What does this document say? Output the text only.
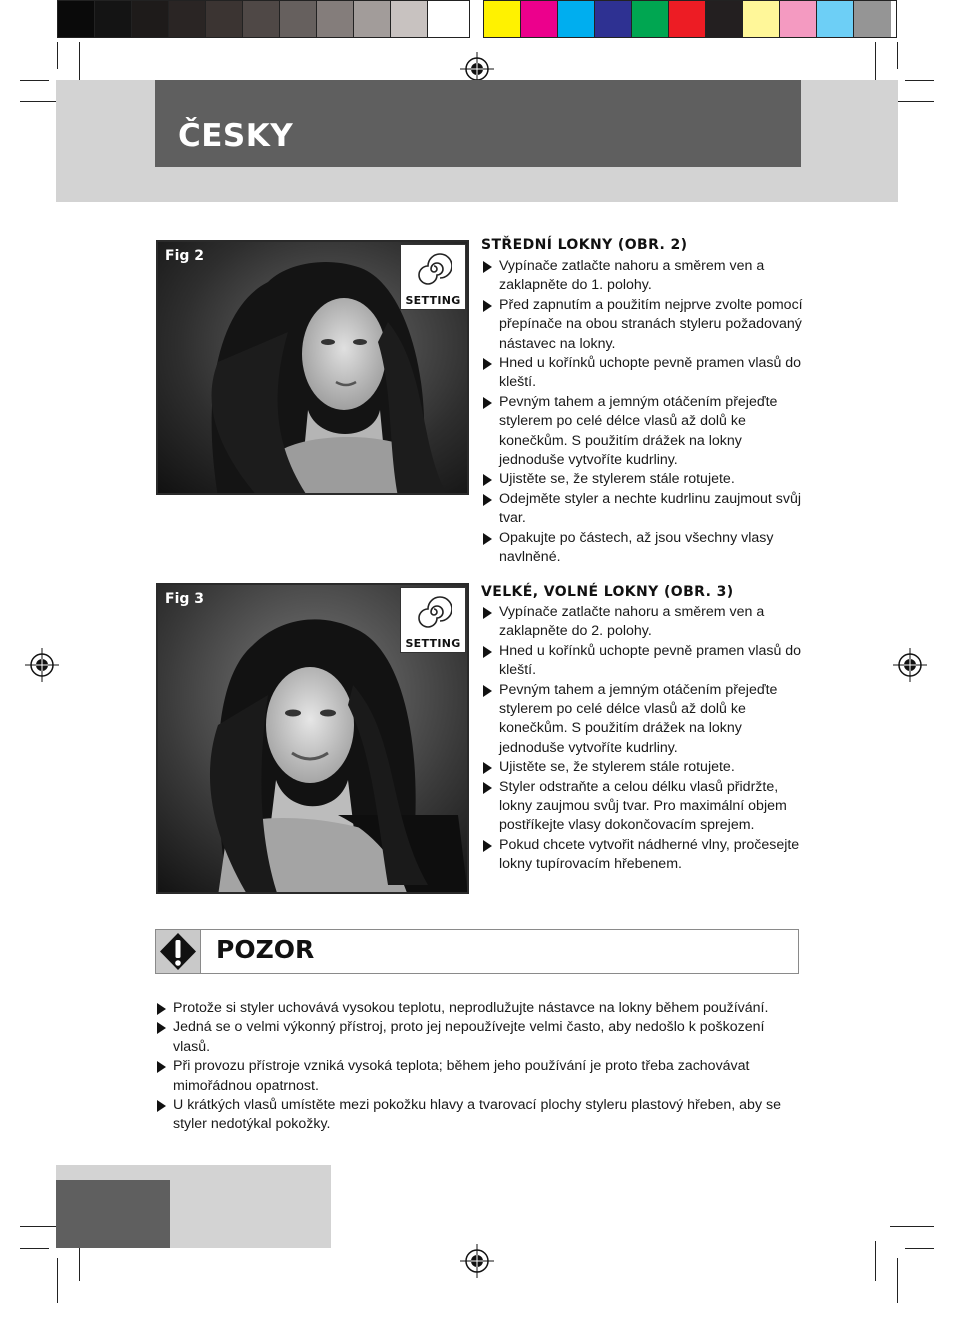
ČESKY
Fig 2
SETTING
STŘEDNÍ LOKNY (OBR. 2)
Vypínače zatlačte nahoru a směrem ven a zaklapněte do 1. polohy.
Před zapnutím a použitím nejprve zvolte pomocí přepínače na obou stranách styleru požadovaný nástavec na lokny.
Hned u kořínků uchopte pevně pramen vlasů do kleští.
Pevným tahem a jemným otáčením přejeďte stylerem po celé délce vlasů až dolů ke konečkům. S použitím drážek na lokny jednoduše vytvoříte kudrliny.
Ujistěte se, že stylerem stále rotujete.
Odejměte styler a nechte kudrlinu zaujmout svůj tvar.
Opakujte po částech, až jsou všechny vlasy navlněné.
Fig 3
SETTING
VELKÉ, VOLNÉ LOKNY (OBR. 3)
Vypínače zatlačte nahoru a směrem ven a zaklapněte do 2. polohy.
Hned u kořínků uchopte pevně pramen vlasů do kleští.
Pevným tahem a jemným otáčením přejeďte stylerem po celé délce vlasů až dolů ke konečkům. S použitím drážek na lokny jednoduše vytvoříte kudrliny.
Ujistěte se, že stylerem stále rotujete.
Styler odstraňte a celou délku vlasů přidržte, lokny zaujmou svůj tvar. Pro maximální objem postříkejte vlasy dokončovacím sprejem.
Pokud chcete vytvořit nádherné vlny, pročesejte lokny tupírovacím hřebenem.
POZOR
Protože si styler uchovává vysokou teplotu, neprodlužujte nástavce na lokny během používání.
Jedná se o velmi výkonný přístroj, proto jej nepoužívejte velmi často, aby nedošlo k poškození vlasů.
Při provozu přístroje vzniká vysoká teplota; během jeho používání je proto třeba zachovávat mimořádnou opatrnost.
U krátkých vlasů umístěte mezi pokožku hlavy a tvarovací plochy styleru plastový hřeben, aby se styler nedotýkal pokožky.
